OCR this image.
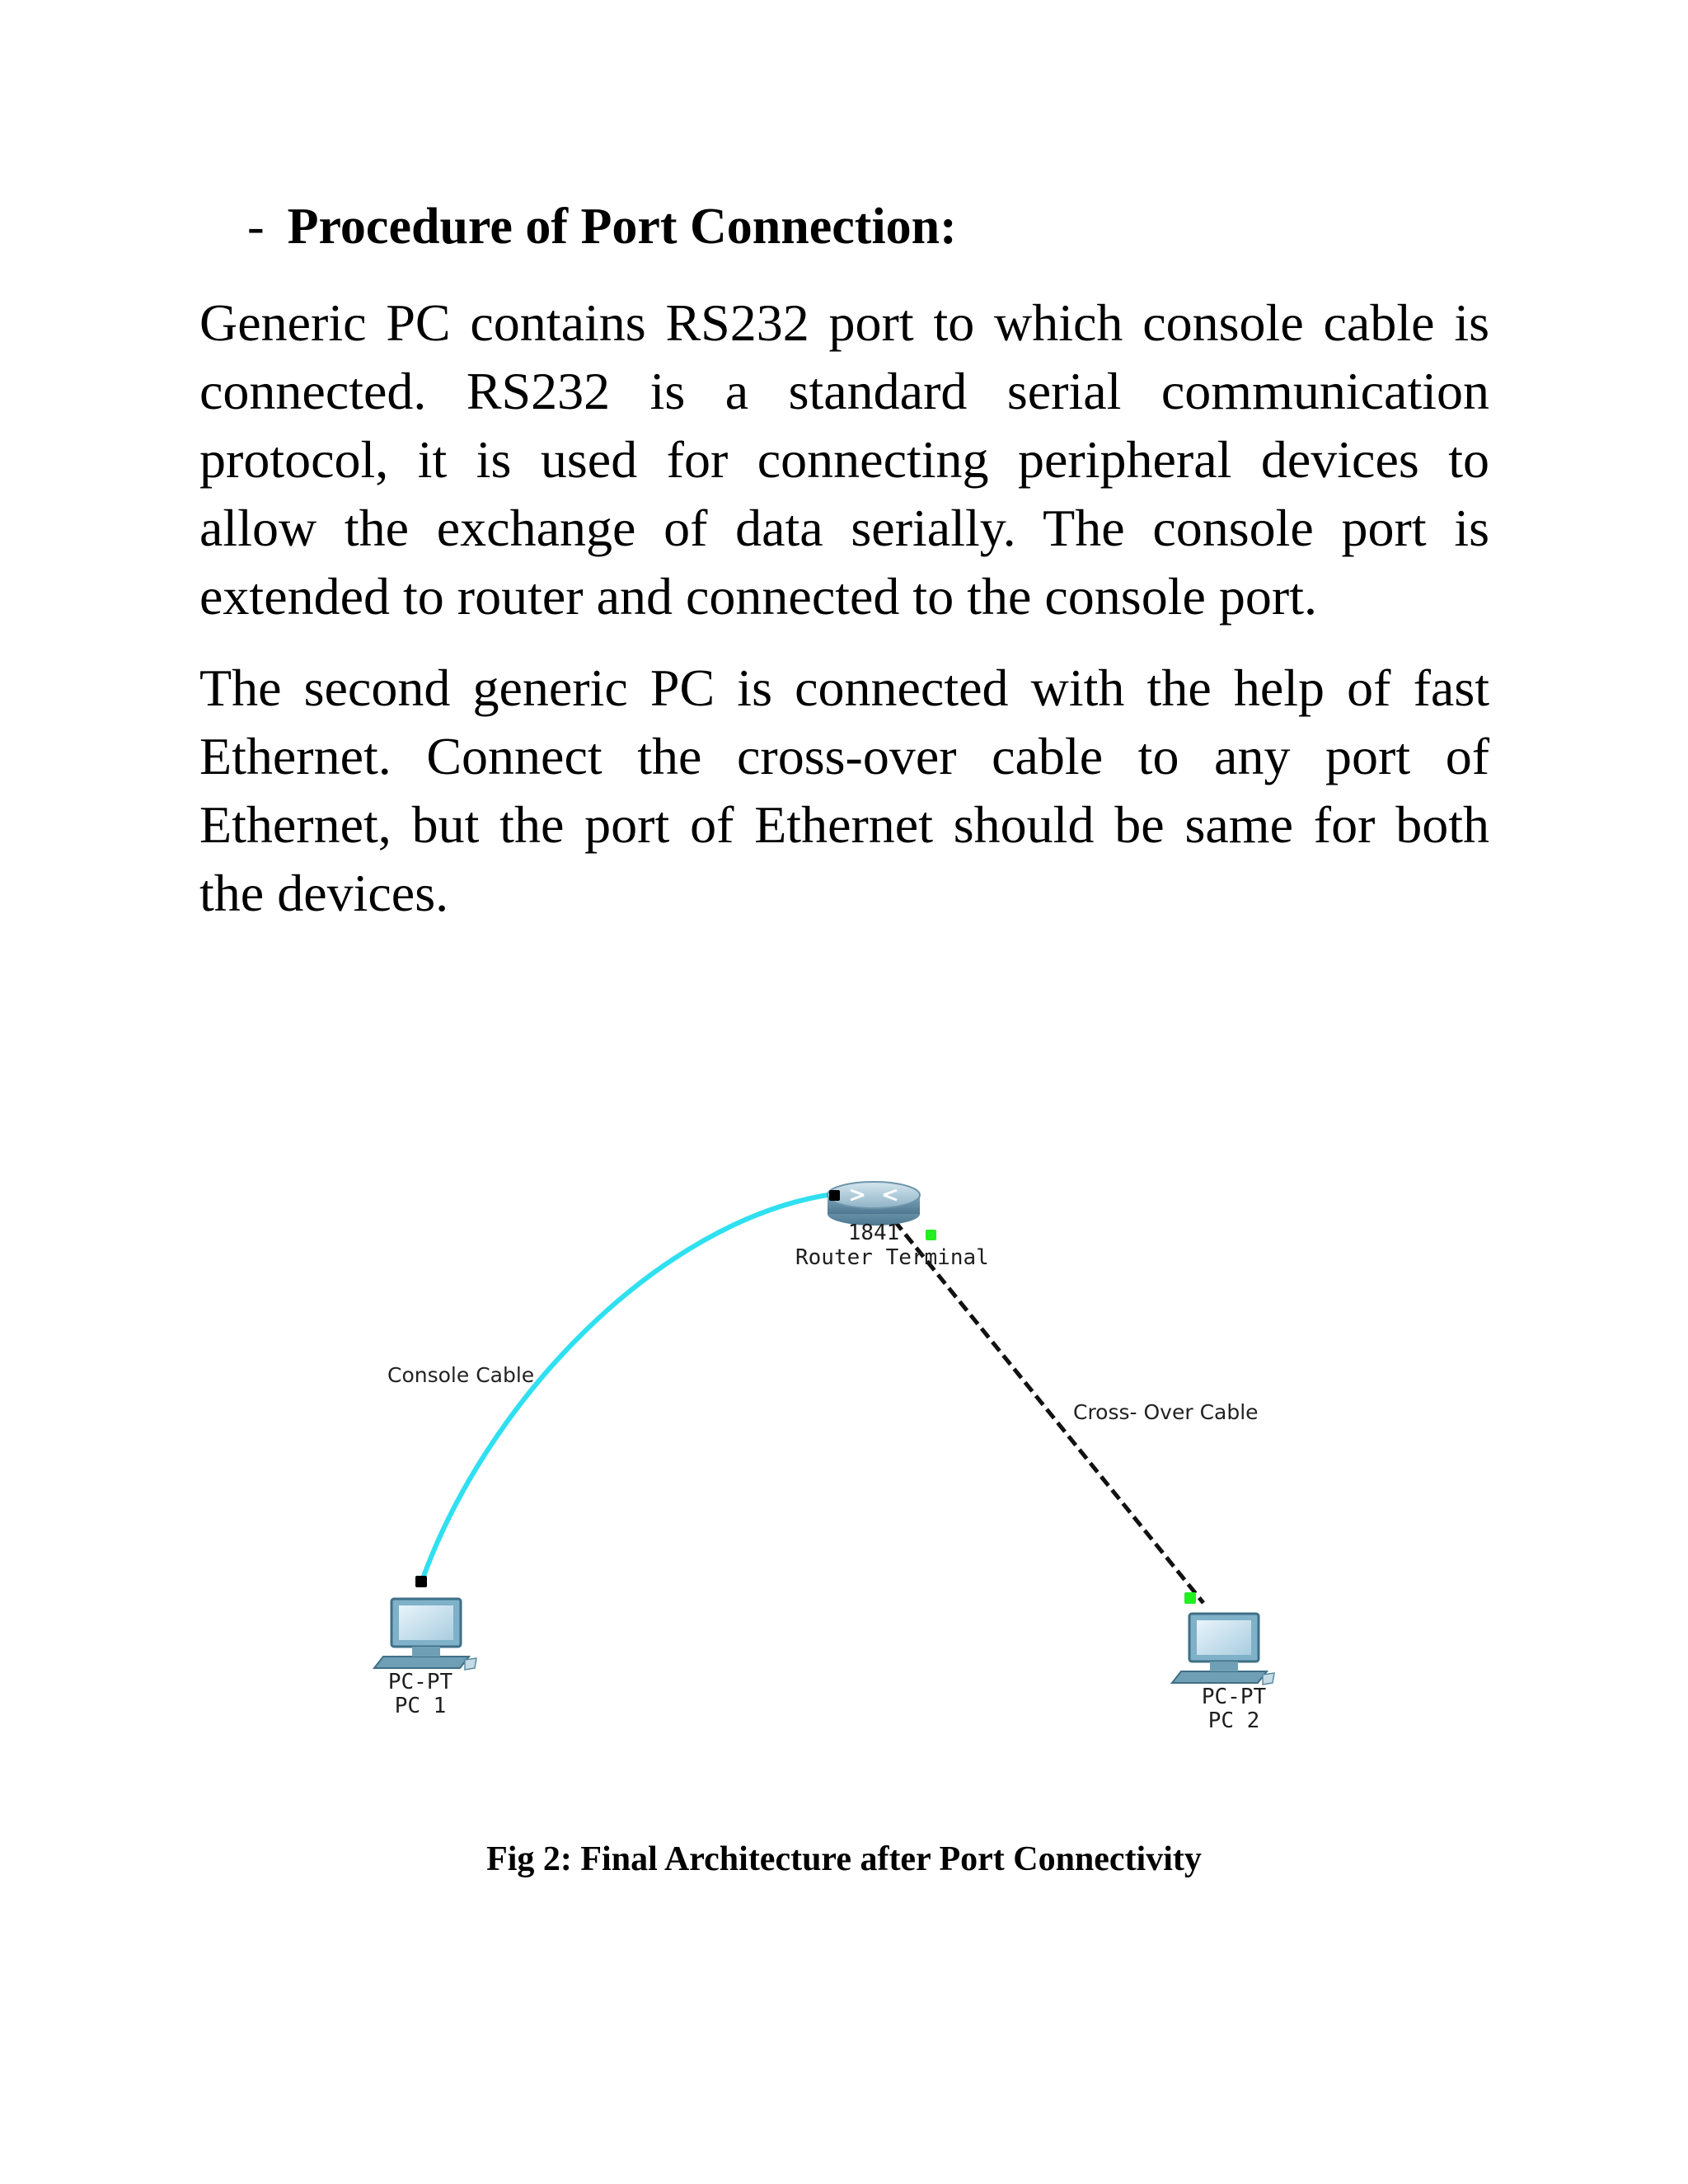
- Procedure of Port Connection:

Generic PC contains RS232 port to which console cable is connected. RS232 is a standard serial communication protocol, it is used for connecting peripheral devices to allow the exchange of data serially. The console port is extended to router and connected to the console port.

The second generic PC is connected with the help of fast Ethernet. Connect the cross-over cable to any port of Ethernet, but the port of Ethernet should be same for both the devices.

1841
Router Terminal
PC-PT
PC 1	PC-PT
PC 2
Console Cable
Cross- Over Cable
Fig 2: Final Architecture after Port Connectivity
